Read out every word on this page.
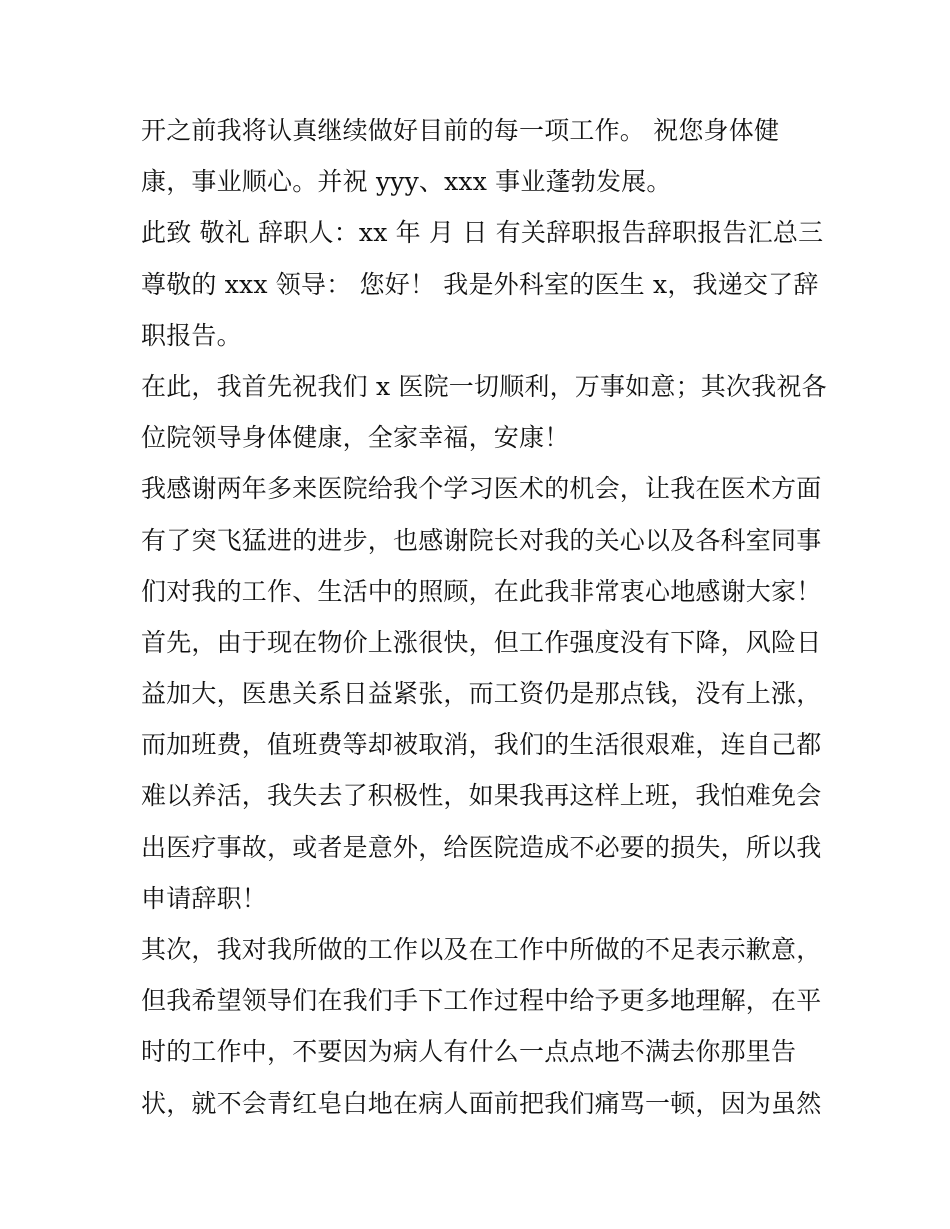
开之前我将认真继续做好目前的每一项工作。 祝您身体健
康，事业顺心。并祝 yyy、xxx 事业蓬勃发展。
此致 敬礼 辞职人：xx 年 月 日 有关辞职报告辞职报告汇总三
尊敬的 xxx 领导： 您好！ 我是外科室的医生 x，我递交了辞
职报告。
在此，我首先祝我们 x 医院一切顺利，万事如意；其次我祝各
位院领导身体健康，全家幸福，安康！
我感谢两年多来医院给我个学习医术的机会，让我在医术方面
有了突飞猛进的进步，也感谢院长对我的关心以及各科室同事
们对我的工作、生活中的照顾，在此我非常衷心地感谢大家！
首先，由于现在物价上涨很快，但工作强度没有下降，风险日
益加大，医患关系日益紧张，而工资仍是那点钱，没有上涨，
而加班费，值班费等却被取消，我们的生活很艰难，连自己都
难以养活，我失去了积极性，如果我再这样上班，我怕难免会
出医疗事故，或者是意外，给医院造成不必要的损失，所以我
申请辞职！
其次，我对我所做的工作以及在工作中所做的不足表示歉意，
但我希望领导们在我们手下工作过程中给予更多地理解，在平
时的工作中，不要因为病人有什么一点点地不满去你那里告
状，就不会青红皂白地在病人面前把我们痛骂一顿，因为虽然
